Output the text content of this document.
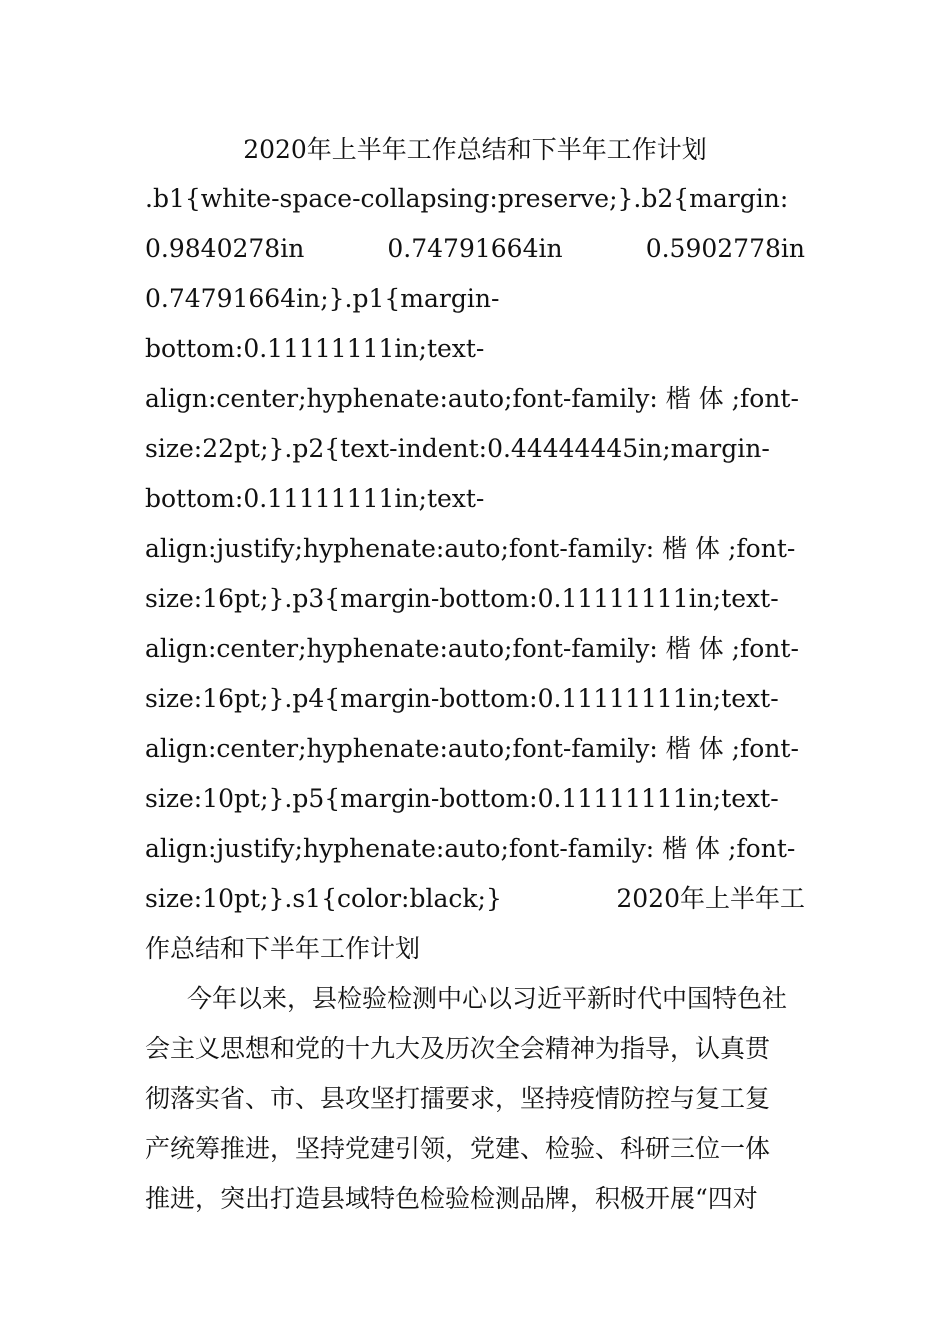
2020年上半年工作总结和下半年工作计划
.b1{white-space-collapsing:preserve;}.b2{margin:
0.9840278in	0.74791664in	0.5902778in
0.74791664in;}.p1{margin-
bottom:0.11111111in;text-
align:center;hyphenate:auto;font-family: 楷 体 ;font-
size:22pt;}.p2{text-indent:0.44444445in;margin-
bottom:0.11111111in;text-
align:justify;hyphenate:auto;font-family: 楷 体 ;font-
size:16pt;}.p3{margin-bottom:0.11111111in;text-
align:center;hyphenate:auto;font-family: 楷 体 ;font-
size:16pt;}.p4{margin-bottom:0.11111111in;text-
align:center;hyphenate:auto;font-family: 楷 体 ;font-
size:10pt;}.p5{margin-bottom:0.11111111in;text-
align:justify;hyphenate:auto;font-family: 楷 体 ;font-
size:10pt;}.s1{color:black;}	2020年上半年工
作总结和下半年工作计划
今年以来，县检验检测中心以习近平新时代中国特色社
会主义思想和党的十九大及历次全会精神为指导，认真贯
彻落实省、市、县攻坚打擂要求，坚持疫情防控与复工复
产统筹推进，坚持党建引领，党建、检验、科研三位一体
推进，突出打造县域特色检验检测品牌，积极开展“四对
